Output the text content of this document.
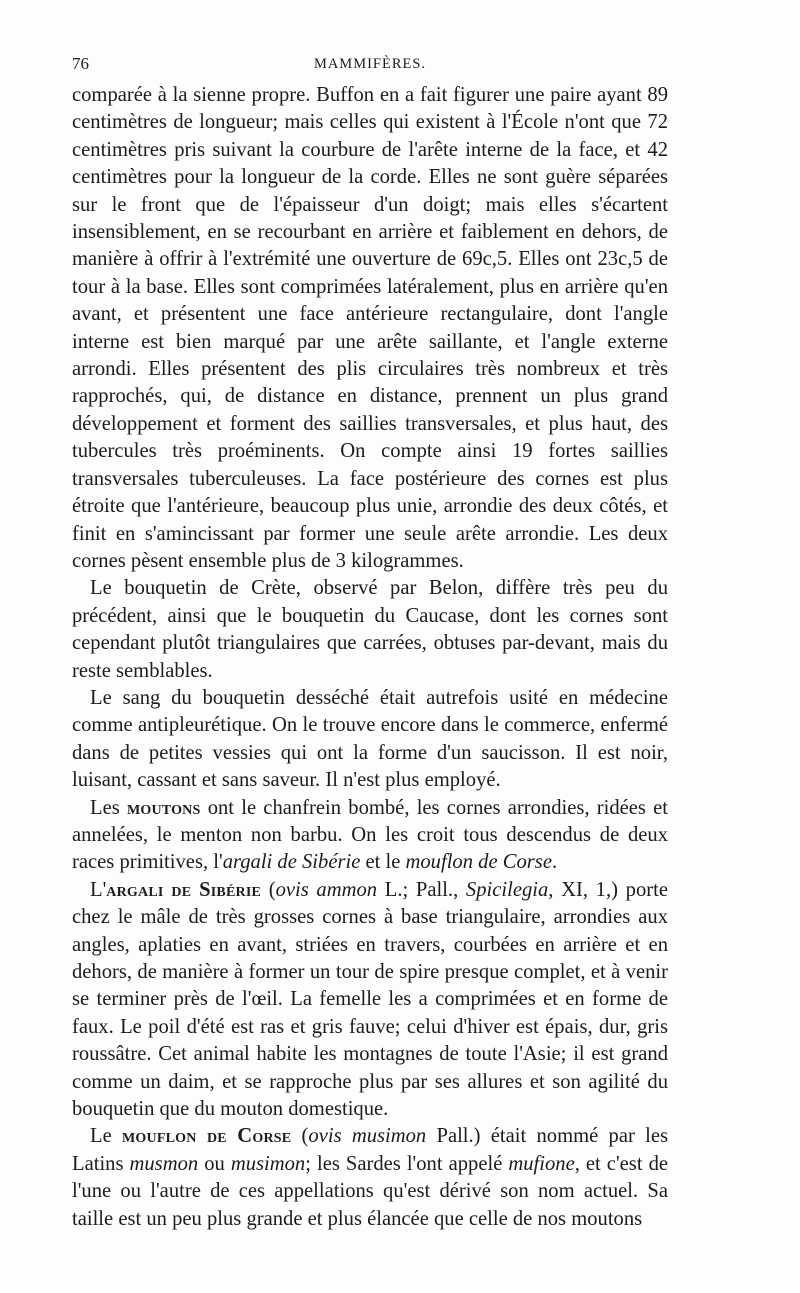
76	MAMMIFÈRES.

comparée à la sienne propre. Buffon en a fait figurer une paire ayant 89 centimètres de longueur; mais celles qui existent à l'École n'ont que 72 centimètres pris suivant la courbure de l'arête interne de la face, et 42 centimètres pour la longueur de la corde. Elles ne sont guère séparées sur le front que de l'épaisseur d'un doigt; mais elles s'écartent insensiblement, en se recourbant en arrière et faiblement en dehors, de manière à offrir à l'extrémité une ouverture de 69c,5. Elles ont 23c,5 de tour à la base. Elles sont comprimées latéralement, plus en arrière qu'en avant, et présentent une face antérieure rectangulaire, dont l'angle interne est bien marqué par une arête saillante, et l'angle externe arrondi. Elles présentent des plis circulaires très nombreux et très rapprochés, qui, de distance en distance, prennent un plus grand développement et forment des saillies transversales, et plus haut, des tubercules très proéminents. On compte ainsi 19 fortes saillies transversales tuberculeuses. La face postérieure des cornes est plus étroite que l'antérieure, beaucoup plus unie, arrondie des deux côtés, et finit en s'amincissant par former une seule arête arrondie. Les deux cornes pèsent ensemble plus de 3 kilogrammes.

Le bouquetin de Crète, observé par Belon, diffère très peu du précédent, ainsi que le bouquetin du Caucase, dont les cornes sont cependant plutôt triangulaires que carrées, obtuses par-devant, mais du reste semblables.

Le sang du bouquetin desséché était autrefois usité en médecine comme antipleurétique. On le trouve encore dans le commerce, enfermé dans de petites vessies qui ont la forme d'un saucisson. Il est noir, luisant, cassant et sans saveur. Il n'est plus employé.

Les moutons ont le chanfrein bombé, les cornes arrondies, ridées et annelées, le menton non barbu. On les croit tous descendus de deux races primitives, l'argali de Sibérie et le mouflon de Corse.

L'argali de Sibérie (ovis ammon L.; Pall., Spicilegia, XI, 1,) porte chez le mâle de très grosses cornes à base triangulaire, arrondies aux angles, aplaties en avant, striées en travers, courbées en arrière et en dehors, de manière à former un tour de spire presque complet, et à venir se terminer près de l'œil. La femelle les a comprimées et en forme de faux. Le poil d'été est ras et gris fauve; celui d'hiver est épais, dur, gris roussâtre. Cet animal habite les montagnes de toute l'Asie; il est grand comme un daim, et se rapproche plus par ses allures et son agilité du bouquetin que du mouton domestique.

Le mouflon de Corse (ovis musimon Pall.) était nommé par les Latins musmon ou musimon; les Sardes l'ont appelé mufione, et c'est de l'une ou l'autre de ces appellations qu'est dérivé son nom actuel. Sa taille est un peu plus grande et plus élancée que celle de nos moutons
